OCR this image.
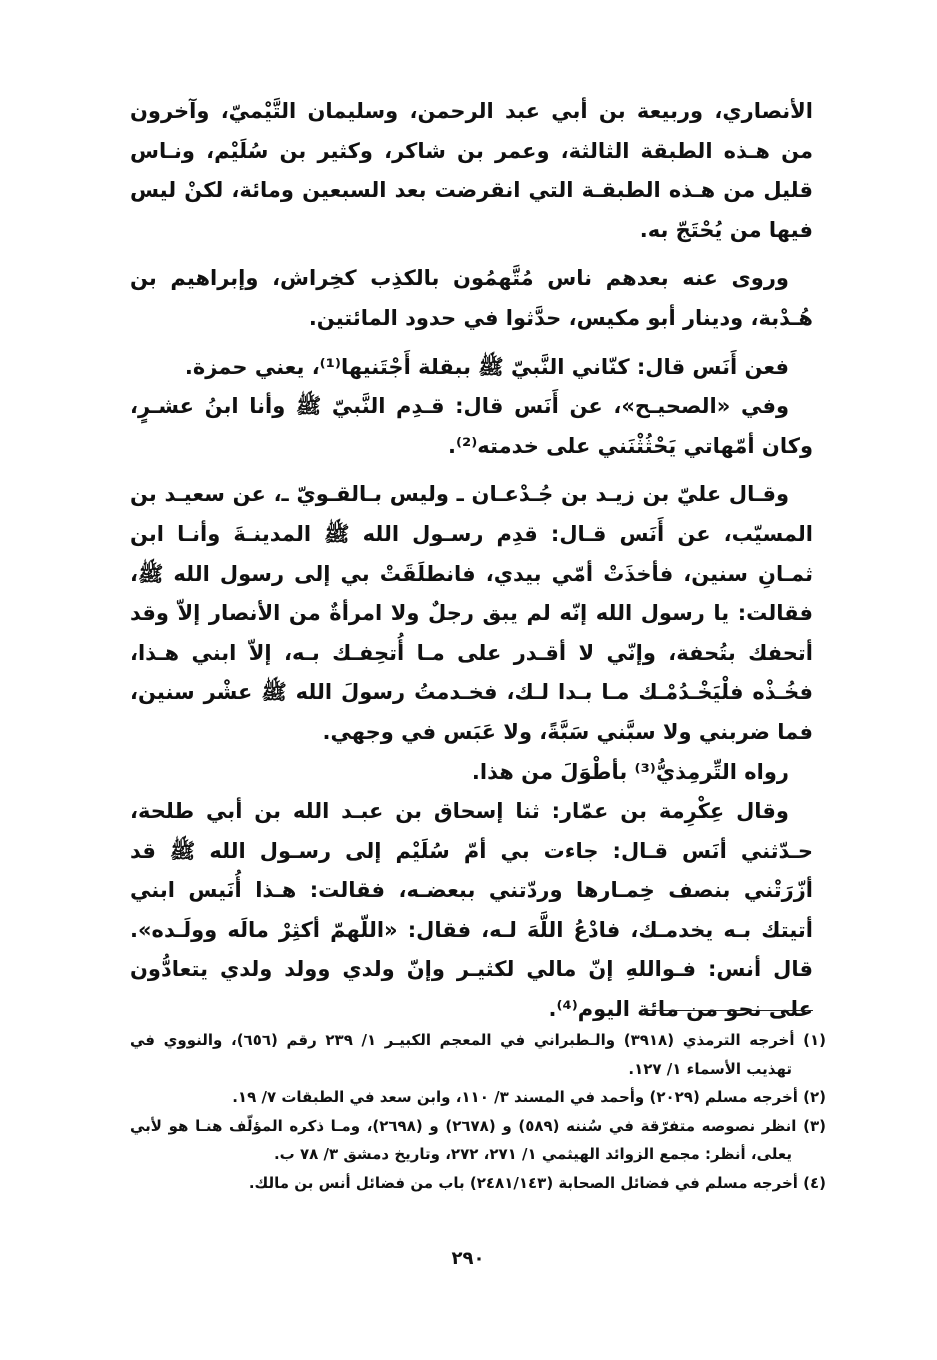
الأنصاري، وربيعة بن أبي عبد الرحمن، وسليمان التَّيْميّ، وآخرون من هـذه الطبقة الثالثة، وعمر بن شاكر، وكثير بن سُلَيْم، ونـاس قليل من هـذه الطبقـة التي انقرضت بعد السبعين ومائة، لكنْ ليس فيها من يُحْتَجّ به.

وروى عنه بعدهم ناس مُتَّهمُون بالكذِب كخِراش، وإبراهيم بن هُـدْبة، ودينار أبو مكيس، حدَّثوا في حدود المائتين.

فعن أَنَس قال: كنّاني النَّبيّ ﷺ ببقلة أَجْتَنيها⁽¹⁾، يعني حمزة.

وفي «الصحيـح»، عن أَنَس قال: قـدِم النَّبيّ ﷺ وأنا ابنُ عشـرٍ، وكان أمّهاتي يَحْثُثْنَني على خدمته⁽²⁾.

وقـال عليّ بن زيـد بن جُـدْعـان ـ وليس بـالقـويّ ـ، عن سعيـد بن المسيّب، عن أَنَس قـال: قدِم رسـول الله ﷺ المدينـةَ وأنـا ابن ثمـانِ سنين، فأخذَتْ أمّي بيدي، فانطلَقَتْ بي إلى رسول الله ﷺ، فقالت: يا رسول الله إنّه لم يبق رجلٌ ولا امرأةٌ من الأنصار إلاّ وقد أتحفك بتُحفة، وإنّي لا أقـدر على مـا أُتحِفـك بـه، إلاّ ابني هـذا، فخُـذْه فلْيَخْـدُمْـك مـا بـدا لـك، فخـدمتُ رسولَ الله ﷺ عشْر سنين، فما ضربني ولا سبَّني سَبَّةً، ولا عَبَس في وجهي.

رواه التِّرمِذيُّ⁽³⁾ بأطْوَلَ من هذا.

وقال عِكْرِمة بن عمّار: ثنا إسحاق بن عبـد الله بن أبي طلحة، حـدّثني أنَس قـال: جاءت بي أمّ سُلَيْم إلى رسـول الله ﷺ قد أزّرَتْني بنصف خِمـارها وردّتني ببعضـه، فقالت: هـذا أُنَيس ابني أتيتك بـه يخدمـك، فادْعُ اللَّهَ لـه، فقال: «اللّهمّ أكثِرْ مالَه وولَـده». قال أنس: فـواللهِ إنّ مالي لكثيـر وإنّ ولدي وولد ولدي يتعادُّون على نحو من مائة اليوم⁽⁴⁾.

(١) أخرجه الترمذي (٣٩١٨) والـطبراني في المعجم الكبيـر ١/ ٢٣٩ رقم (٦٥٦)، والنووي في تهذيب الأسماء ١/ ١٢٧.

(٢) أخرجه مسلم (٢٠٢٩) وأحمد في المسند ٣/ ١١٠، وابن سعد في الطبقات ٧/ ١٩.

(٣) انظر نصوصه متفرّقة في سُننه (٥٨٩) و (٢٦٧٨) و (٢٦٩٨)، ومـا ذكره المؤلّف هنـا هو لأبي يعلى، أنظر: مجمع الزوائد الهيثمي ١/ ٢٧١، ٢٧٢، وتاريخ دمشق ٣/ ٧٨ ب.

(٤) أخرجه مسلم في فضائل الصحابة (٢٤٨١/١٤٣) باب من فضائل أنس بن مالك.

٢٩٠
